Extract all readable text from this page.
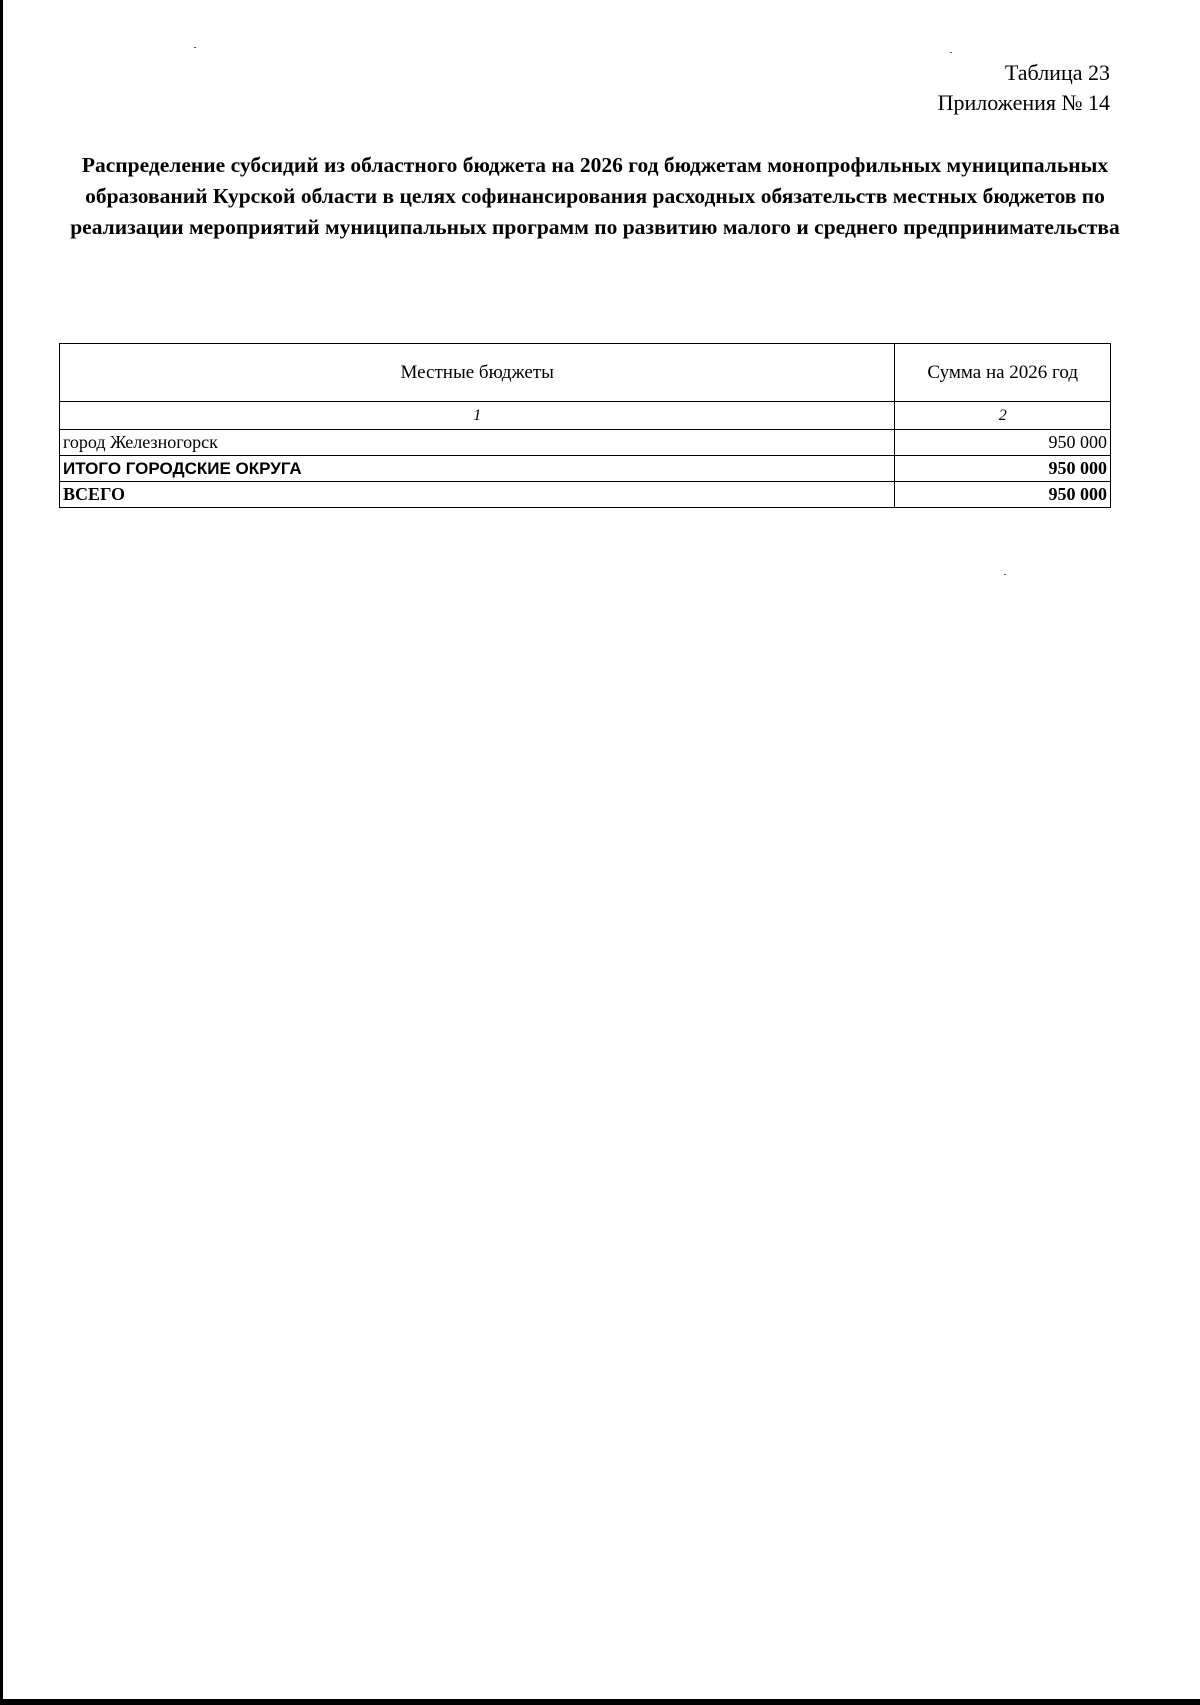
Таблица 23
Приложения № 14
Распределение субсидий из областного бюджета на 2026 год бюджетам монопрофильных муниципальных образований Курской области в целях софинансирования расходных обязательств местных бюджетов по реализации мероприятий муниципальных программ по развитию малого и среднего предпринимательства
Местные бюджеты	Сумма на 2026 год
1	2
город Железногорск	950 000
ИТОГО ГОРОДСКИЕ ОКРУГА	950 000
ВСЕГО	950 000
